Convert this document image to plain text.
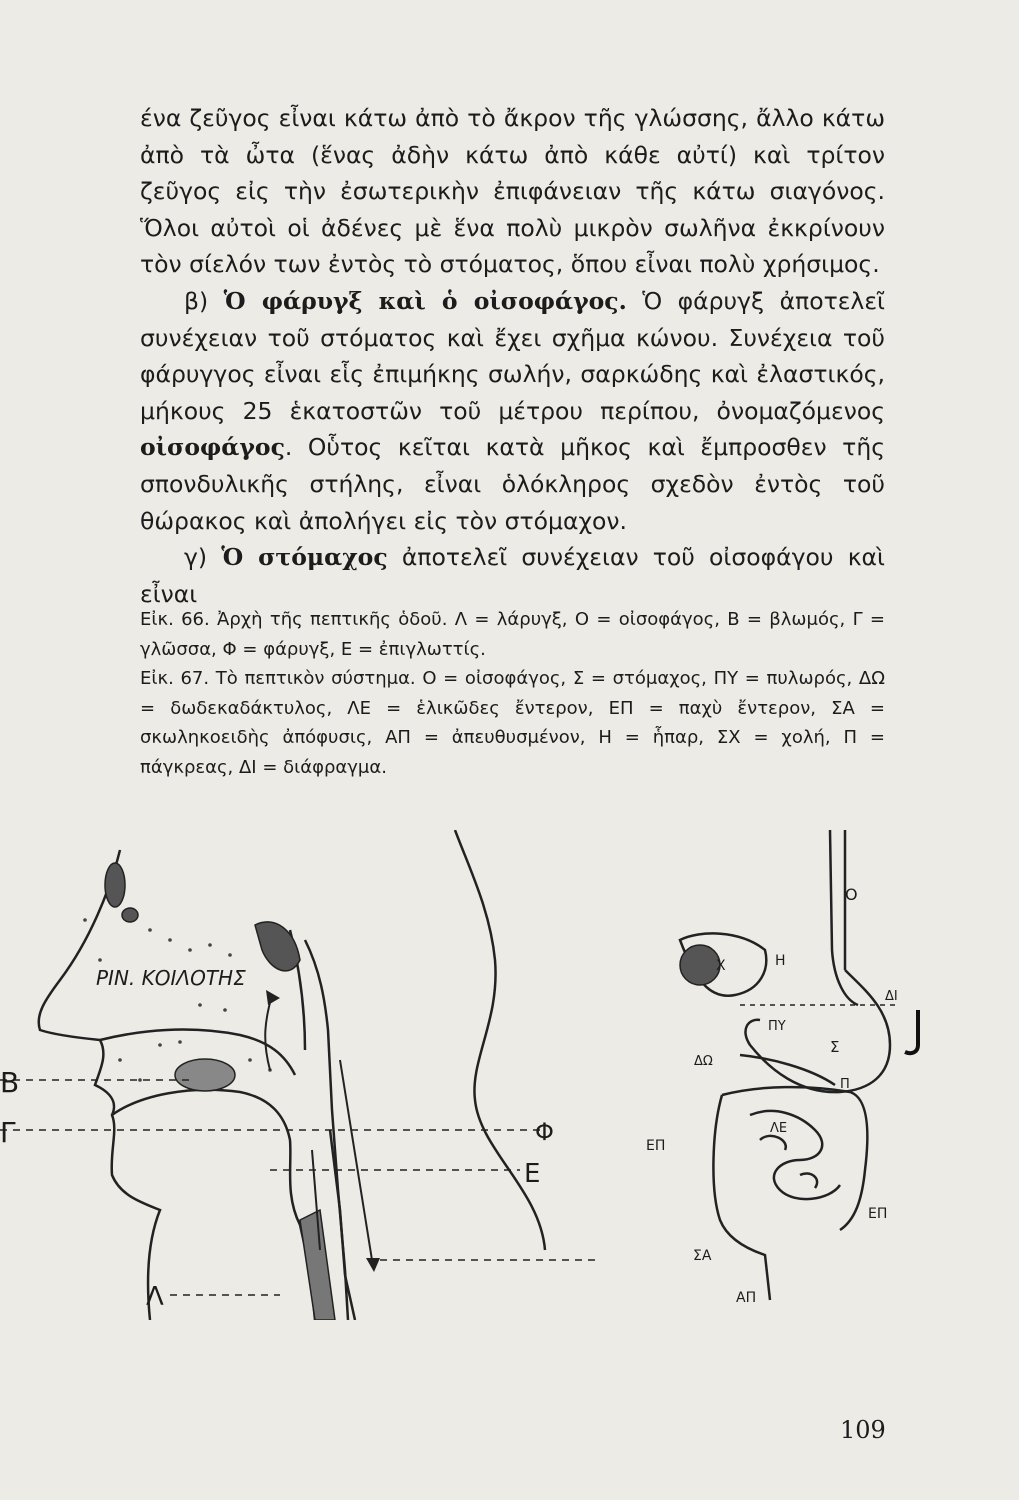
ένα ζεῦγος εἶναι κάτω ἀπὸ τὸ ἄκρον τῆς γλώσσης, ἄλλο κάτω ἀπὸ τὰ ὦτα (ἕνας ἀδὴν κάτω ἀπὸ κάθε αὐτί) καὶ τρίτον ζεῦγος εἰς τὴν ἐσωτερικὴν ἐπιφάνειαν τῆς κάτω σιαγόνος. Ὅλοι αὐτοὶ οἱ ἀδένες μὲ ἕνα πολὺ μικρὸν σωλῆνα ἐκκρίνουν τὸν σίελόν των ἐντὸς τὸ στόματος, ὅπου εἶναι πολὺ χρήσιμος.

β) Ὁ φάρυγξ καὶ ὁ οἰσοφάγος. Ὁ φάρυγξ ἀποτελεῖ συνέχειαν τοῦ στόματος καὶ ἔχει σχῆμα κώνου. Συνέχεια τοῦ φάρυγγος εἶναι εἷς ἐπιμήκης σωλήν, σαρκώδης καὶ ἐλαστικός, μήκους 25 ἑκατοστῶν τοῦ μέτρου περίπου, ὀνομαζόμενος οἰσοφάγος. Οὗτος κεῖται κατὰ μῆκος καὶ ἔμπροσθεν τῆς σπονδυλικῆς στήλης, εἶναι ὁλόκληρος σχεδὸν ἐντὸς τοῦ θώρακος καὶ ἀπολήγει εἰς τὸν στόμαχον.

γ) Ὁ στόμαχος ἀποτελεῖ συνέχειαν τοῦ οἰσοφάγου καὶ εἶναι

Εἰκ. 66. Ἀρχὴ τῆς πεπτικῆς ὁδοῦ. Λ = λάρυγξ, Ο = οἰσοφάγος, Β = βλωμός, Γ = γλῶσσα, Φ = φάρυγξ, Ε = ἐπιγλωττίς.

Εἰκ. 67. Τὸ πεπτικὸν σύστημα. Ο = οἰσοφάγος, Σ = στόμαχος, ΠΥ = πυλωρός, ΔΩ = δωδεκαδάκτυλος, ΛΕ = ἑλικῶδες ἔντερον, ΕΠ = παχὺ ἔντερον, ΣΑ = σκωληκοειδὴς ἀπόφυσις, ΑΠ = ἀπευθυσμένον, Η = ἧπαρ, ΣΧ = χολή, Π = πάγκρεας, ΔΙ = διάφραγμα.

ΡΙΝ. ΚΟΙΛΟΤΗΣ
Β
Γ	Φ
Ε
Λ
Ο
Η
Χ
ΔΙ
ΠΥ
Σ
ΔΩ
Π
ΛΕ
ΕΠ
ΕΠ
ΣΑ
ΑΠ
109
